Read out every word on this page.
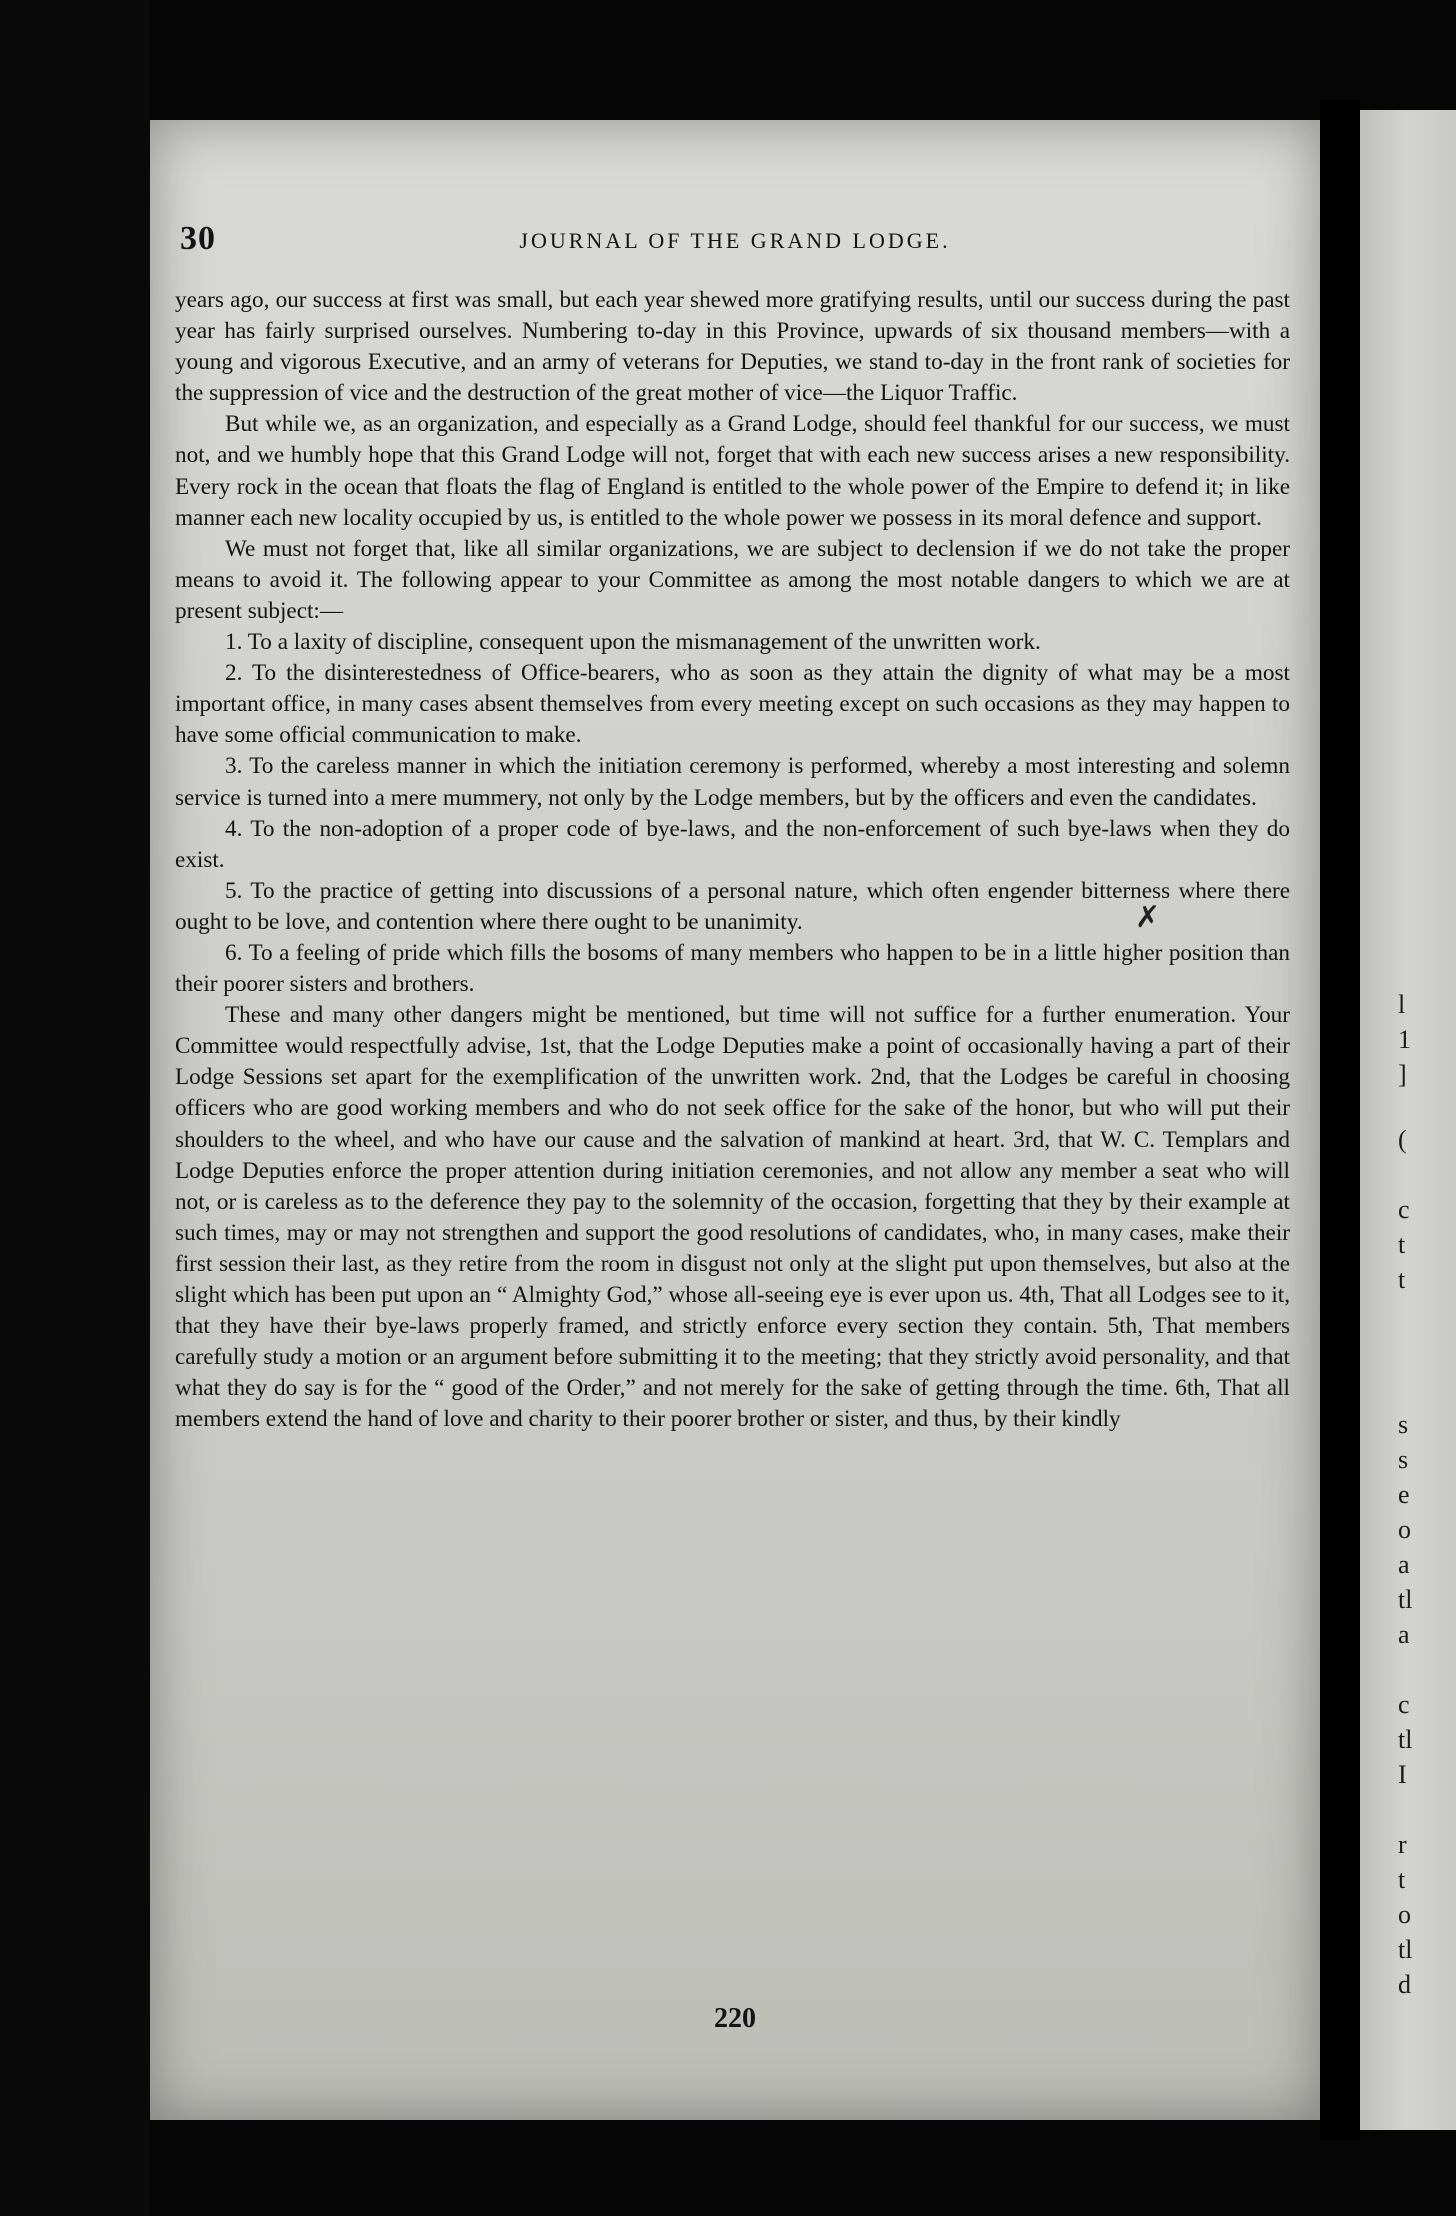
30	JOURNAL OF THE GRAND LODGE.

years ago, our success at first was small, but each year shewed more gratifying results, until our success during the past year has fairly surprised ourselves. Numbering to-day in this Province, upwards of six thousand members—with a young and vigorous Executive, and an army of veterans for Deputies, we stand to-day in the front rank of societies for the suppression of vice and the destruction of the great mother of vice—the Liquor Traffic.

But while we, as an organization, and especially as a Grand Lodge, should feel thankful for our success, we must not, and we humbly hope that this Grand Lodge will not, forget that with each new success arises a new responsibility. Every rock in the ocean that floats the flag of England is entitled to the whole power of the Empire to defend it; in like manner each new locality occupied by us, is entitled to the whole power we possess in its moral defence and support.

We must not forget that, like all similar organizations, we are subject to declension if we do not take the proper means to avoid it. The following appear to your Committee as among the most notable dangers to which we are at present subject:—

1. To a laxity of discipline, consequent upon the mismanagement of the unwritten work.

2. To the disinterestedness of Office-bearers, who as soon as they attain the dignity of what may be a most important office, in many cases absent themselves from every meeting except on such occasions as they may happen to have some official communication to make.

3. To the careless manner in which the initiation ceremony is performed, whereby a most interesting and solemn service is turned into a mere mummery, not only by the Lodge members, but by the officers and even the candidates.

4. To the non-adoption of a proper code of bye-laws, and the non-enforcement of such bye-laws when they do exist.

5. To the practice of getting into discussions of a personal nature, which often engender bitterness where there ought to be love, and contention where there ought to be unanimity.

6. To a feeling of pride which fills the bosoms of many members who happen to be in a little higher position than their poorer sisters and brothers.

These and many other dangers might be mentioned, but time will not suffice for a further enumeration. Your Committee would respectfully advise, 1st, that the Lodge Deputies make a point of occasionally having a part of their Lodge Sessions set apart for the exemplification of the unwritten work. 2nd, that the Lodges be careful in choosing officers who are good working members and who do not seek office for the sake of the honor, but who will put their shoulders to the wheel, and who have our cause and the salvation of mankind at heart. 3rd, that W. C. Templars and Lodge Deputies enforce the proper attention during initiation ceremonies, and not allow any member a seat who will not, or is careless as to the deference they pay to the solemnity of the occasion, forgetting that they by their example at such times, may or may not strengthen and support the good resolutions of candidates, who, in many cases, make their first session their last, as they retire from the room in disgust not only at the slight put upon themselves, but also at the slight which has been put upon an “ Almighty God,” whose all-seeing eye is ever upon us. 4th, That all Lodges see to it, that they have their bye-laws properly framed, and strictly enforce every section they contain. 5th, That members carefully study a motion or an argument before submitting it to the meeting; that they strictly avoid personality, and that what they do say is for the “ good of the Order,” and not merely for the sake of getting through the time. 6th, That all members extend the hand of love and charity to their poorer brother or sister, and thus, by their kindly

220
✗
l
1
]
(
c
t
t
s
s
e
o
a
tl
a
c
tl
I
r
t
o
tl
d
